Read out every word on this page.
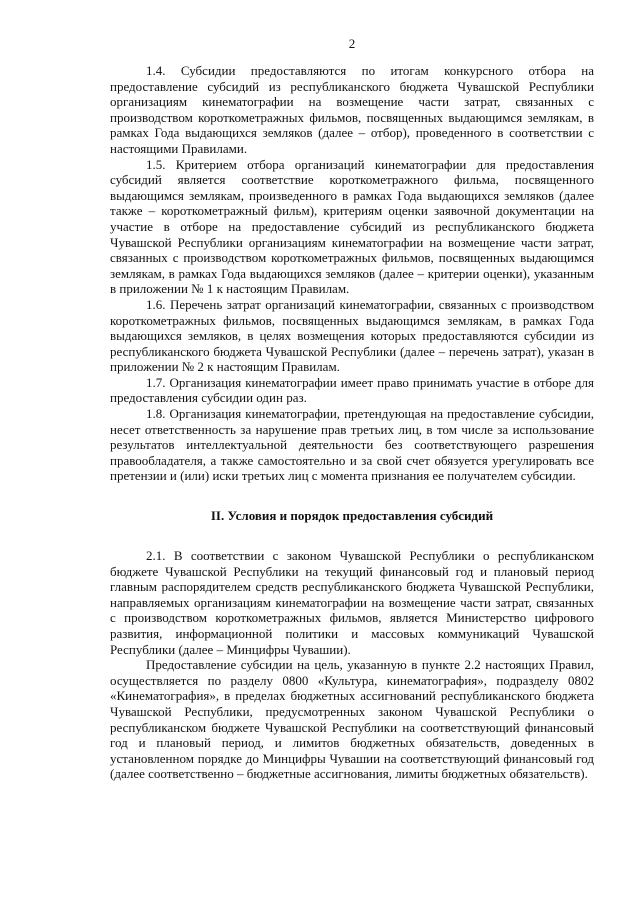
2

1.4. Субсидии предоставляются по итогам конкурсного отбора на предоставление субсидий из республиканского бюджета Чувашской Республики организациям кинематографии на возмещение части затрат, связанных с производством короткометражных фильмов, посвященных выдающимся землякам, в рамках Года выдающихся земляков (далее – отбор), проведенного в соответствии с настоящими Правилами.

1.5. Критерием отбора организаций кинематографии для предоставления субсидий является соответствие короткометражного фильма, посвященного выдающимся землякам, произведенного в рамках Года выдающихся земляков (далее также – короткометражный фильм), критериям оценки заявочной документации на участие в отборе на предоставление субсидий из республиканского бюджета Чувашской Республики организациям кинематографии на возмещение части затрат, связанных с производством короткометражных фильмов, посвященных выдающимся землякам, в рамках Года выдающихся земляков (далее – критерии оценки), указанным в приложении № 1 к настоящим Правилам.

1.6. Перечень затрат организаций кинематографии, связанных с производством короткометражных фильмов, посвященных выдающимся землякам, в рамках Года выдающихся земляков, в целях возмещения которых предоставляются субсидии из республиканского бюджета Чувашской Республики (далее – перечень затрат), указан в приложении № 2 к настоящим Правилам.

1.7. Организация кинематографии имеет право принимать участие в отборе для предоставления субсидии один раз.

1.8. Организация кинематографии, претендующая на предоставление субсидии, несет ответственность за нарушение прав третьих лиц, в том числе за использование результатов интеллектуальной деятельности без соответствующего разрешения правообладателя, а также самостоятельно и за свой счет обязуется урегулировать все претензии и (или) иски третьих лиц с момента признания ее получателем субсидии.

II. Условия и порядок предоставления субсидий

2.1. В соответствии с законом Чувашской Республики о республиканском бюджете Чувашской Республики на текущий финансовый год и плановый период главным распорядителем средств республиканского бюджета Чувашской Республики, направляемых организациям кинематографии на возмещение части затрат, связанных с производством короткометражных фильмов, является Министерство цифрового развития, информационной политики и массовых коммуникаций Чувашской Республики (далее – Минцифры Чувашии).

Предоставление субсидии на цель, указанную в пункте 2.2 настоящих Правил, осуществляется по разделу 0800 «Культура, кинематография», подразделу 0802 «Кинематография», в пределах бюджетных ассигнований республиканского бюджета Чувашской Республики, предусмотренных законом Чувашской Республики о республиканском бюджете Чувашской Республики на соответствующий финансовый год и плановый период, и лимитов бюджетных обязательств, доведенных в установленном порядке до Минцифры Чувашии на соответствующий финансовый год (далее соответственно – бюджетные ассигнования, лимиты бюджетных обязательств).
